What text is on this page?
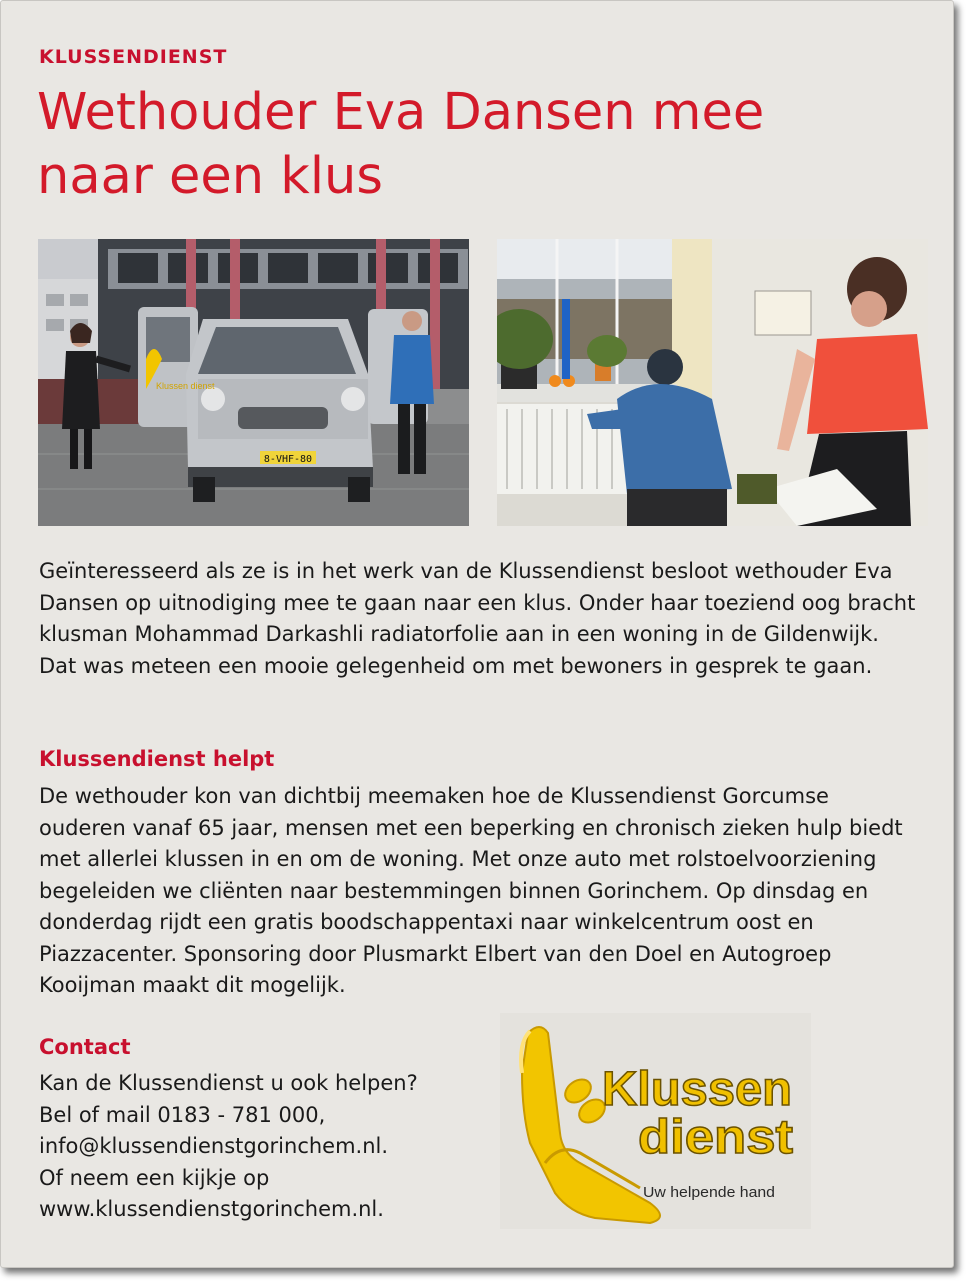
KLUSSENDIENST
Wethouder Eva Dansen mee
naar een klus
8-VHF-80
Klussen dienst
Geïnteresseerd als ze is in het werk van de Klussendienst besloot wethouder Eva Dansen op uitnodiging mee te gaan naar een klus. Onder haar toeziend oog bracht klusman Mohammad Darkashli radiatorfolie aan in een woning in de Gildenwijk. Dat was meteen een mooie gelegenheid om met bewoners in gesprek te gaan.
Klussendienst helpt
De wethouder kon van dichtbij meemaken hoe de Klussendienst Gorcumse ouderen vanaf 65 jaar, mensen met een beperking en chronisch zieken hulp biedt met allerlei klussen in en om de woning. Met onze auto met rolstoelvoorziening begeleiden we cliënten naar bestemmingen binnen Gorinchem. Op dinsdag en donderdag rijdt een gratis boodschappentaxi naar winkelcentrum oost en Piazzacenter. Sponsoring door Plusmarkt Elbert van den Doel en Autogroep Kooijman maakt dit mogelijk.
Contact
Kan de Klussendienst u ook helpen?
Bel of mail 0183 - 781 000,
info@klussendienstgorinchem.nl.
Of neem een kijkje op
www.klussendienstgorinchem.nl.
Klussen
dienst
Uw helpende hand
